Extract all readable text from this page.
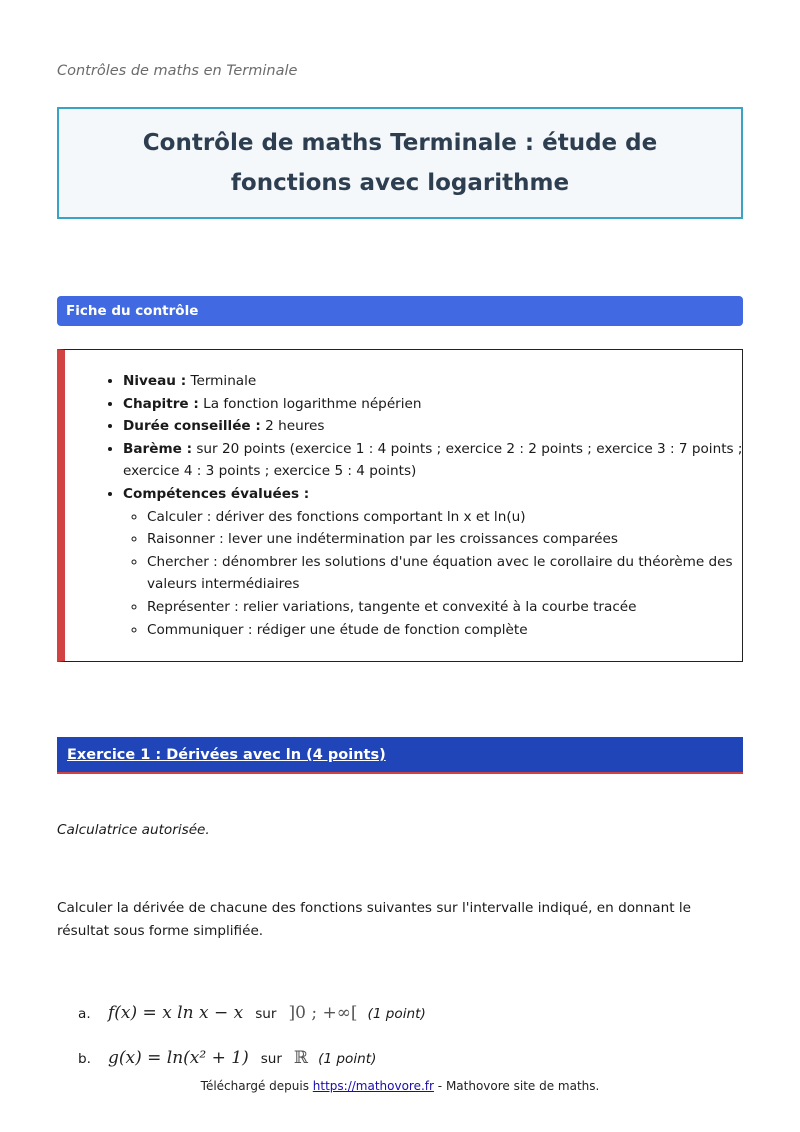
Contrôles de maths en Terminale
Contrôle de maths Terminale : étude de fonctions avec logarithme
Fiche du contrôle
• Niveau : Terminale
• Chapitre : La fonction logarithme népérien
• Durée conseillée : 2 heures
• Barème : sur 20 points (exercice 1 : 4 points ; exercice 2 : 2 points ; exercice 3 : 7 points ; exercice 4 : 3 points ; exercice 5 : 4 points)
• Compétences évaluées :
◦ Calculer : dériver des fonctions comportant ln x et ln(u)
◦ Raisonner : lever une indétermination par les croissances comparées
◦ Chercher : dénombrer les solutions d'une équation avec le corollaire du théorème des valeurs intermédiaires
◦ Représenter : relier variations, tangente et convexité à la courbe tracée
◦ Communiquer : rédiger une étude de fonction complète
Exercice 1 : Dérivées avec ln (4 points)
Calculatrice autorisée.
Calculer la dérivée de chacune des fonctions suivantes sur l'intervalle indiqué, en donnant le résultat sous forme simplifiée.
a.	f(x) = x ln x − x sur ]0 ; +∞[ (1 point)
b.	g(x) = ln(x² + 1) sur ℝ (1 point)
Téléchargé depuis https://mathovore.fr - Mathovore site de maths.
